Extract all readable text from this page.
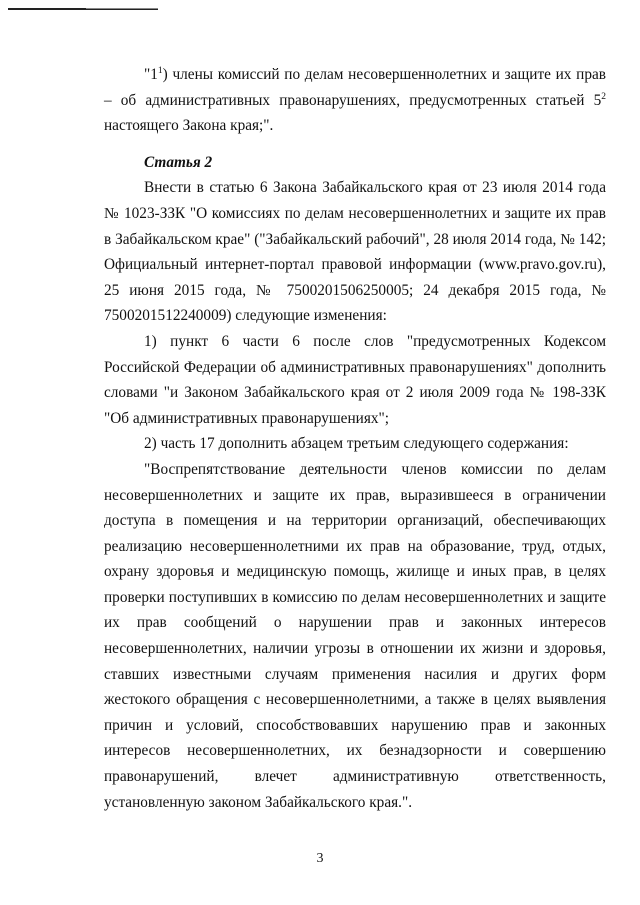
"$1^1$) члены комиссий по делам несовершеннолетних и защите их прав – об административных правонарушениях, предусмотренных статьей $5^2$ настоящего Закона края;".

Статья 2

Внести в статью 6 Закона Забайкальского края от 23 июля 2014 года № 1023-ЗЗК "О комиссиях по делам несовершеннолетних и защите их прав в Забайкальском крае" ("Забайкальский рабочий", 28 июля 2014 года, № 142; Официальный интернет-портал правовой информации (www.pravo.gov.ru), 25 июня 2015 года, № 7500201506250005; 24 декабря 2015 года, № 7500201512240009) следующие изменения:

1) пункт 6 части 6 после слов "предусмотренных Кодексом Российской Федерации об административных правонарушениях" дополнить словами "и Законом Забайкальского края от 2 июля 2009 года № 198-ЗЗК "Об административных правонарушениях";

2) часть 17 дополнить абзацем третьим следующего содержания:

"Воспрепятствование деятельности членов комиссии по делам несовершеннолетних и защите их прав, выразившееся в ограничении доступа в помещения и на территории организаций, обеспечивающих реализацию несовершеннолетними их прав на образование, труд, отдых, охрану здоровья и медицинскую помощь, жилище и иных прав, в целях проверки поступивших в комиссию по делам несовершеннолетних и защите их прав сообщений о нарушении прав и законных интересов несовершеннолетних, наличии угрозы в отношении их жизни и здоровья, ставших известными случаям применения насилия и других форм жестокого обращения с несовершеннолетними, а также в целях выявления причин и условий, способствовавших нарушению прав и законных интересов несовершеннолетних, их безнадзорности и совершению правонарушений, влечет административную ответственность, установленную законом Забайкальского края.".

3
